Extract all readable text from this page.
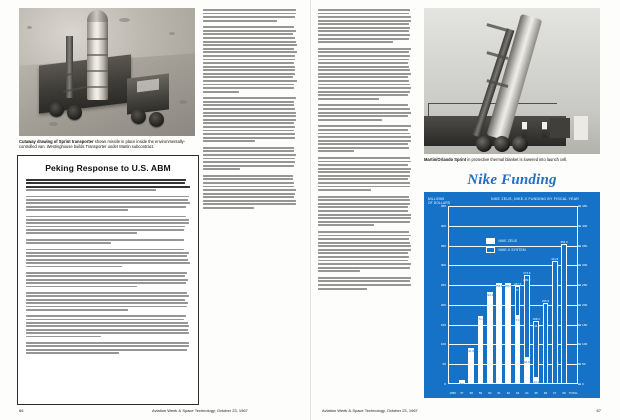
Cutaway drawing of Sprint transporter shows missile in place inside the environmentally-controlled van. Westinghouse builds Transporter under Martin subcontract.
Peking Response to U.S. ABM
66	Aviation Week & Space Technology, October 23, 1967
Martin/Orlando Sprint in protective thermal blanket is lowered into launch cell.
Nike Funding
NIKE ZEUS, NIKE-X FUNDING BY FISCAL YEAR
MILLIONS
OF DOLLARS
1.6
8.9
91.8
171.4
232.2
256.1 256.5
76.7
171.0
247.7
209.7
64.9
274.6
144.3
14.1
158.4
205.6
311.6
353.3
0	0
50	50
100	100
150	150
200	200
250	250
300	300
350	350
400	400
450	450
1956	57	58	59	60	61	62	63	64	65	66	67	68	TOTAL
NIKE ZEUS
NIKE-X SYSTEM
Aviation Week & Space Technology, October 23, 1967	67
